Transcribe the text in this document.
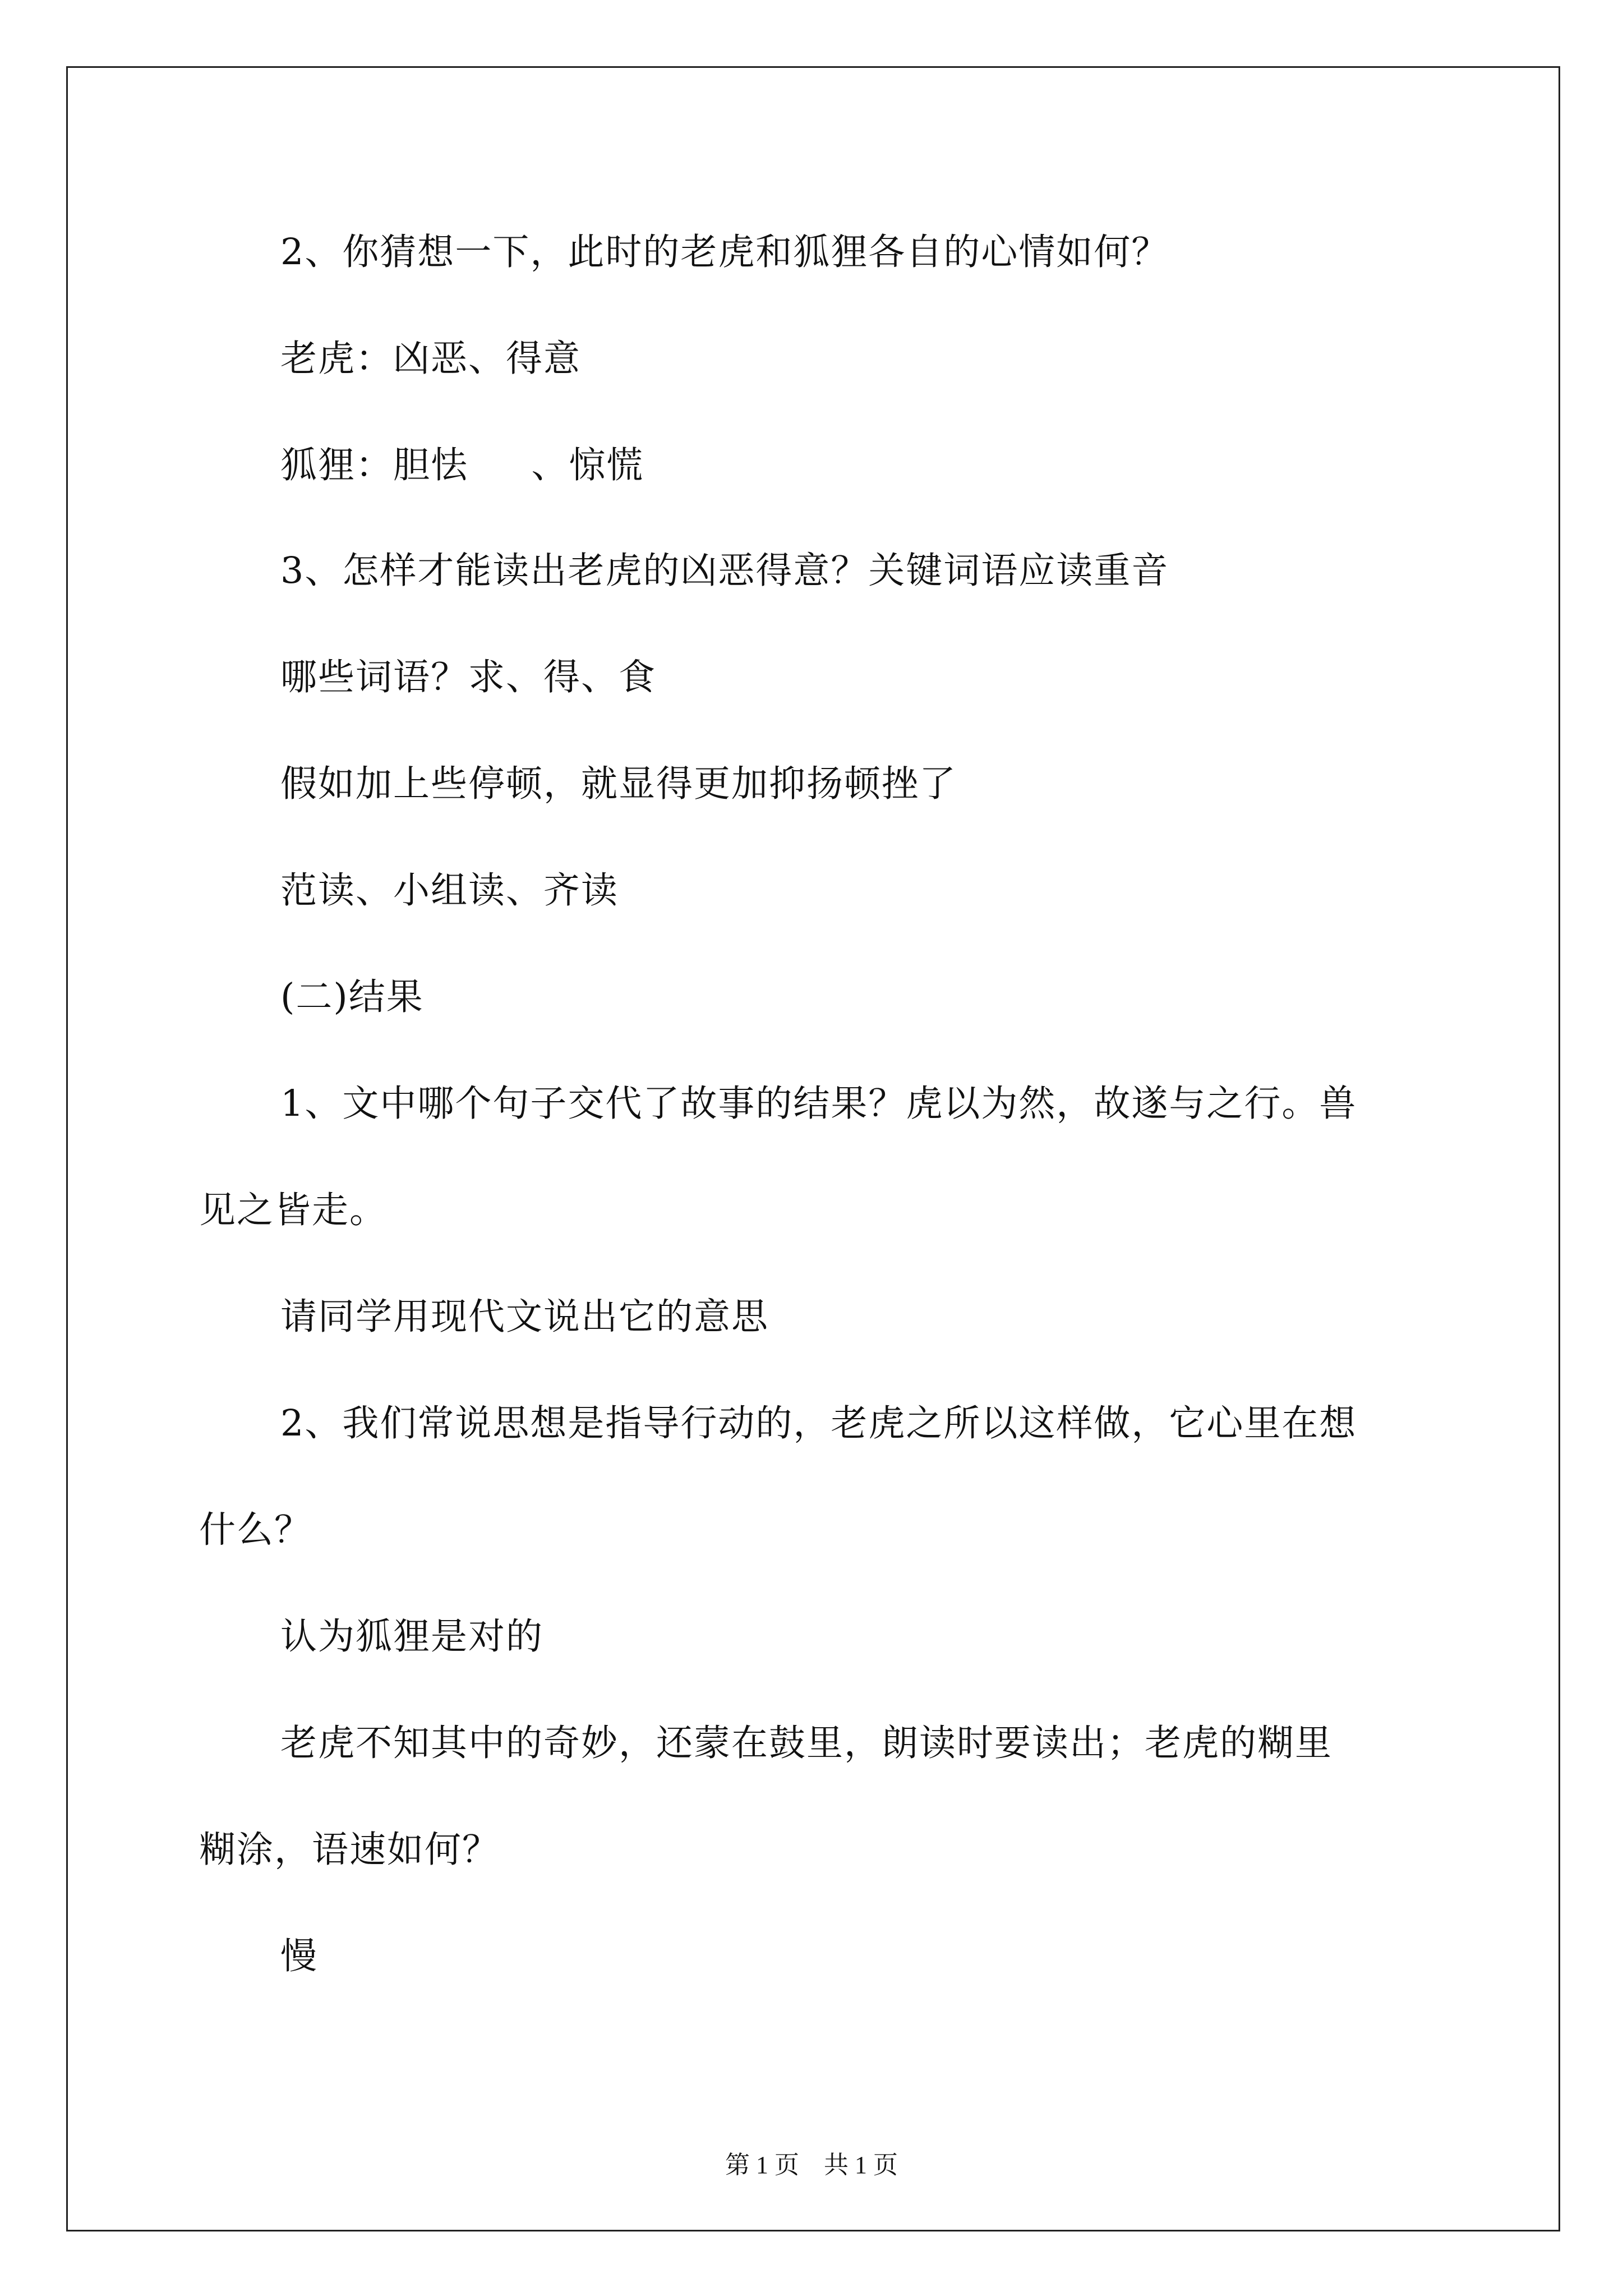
2、你猜想一下，此时的老虎和狐狸各自的心情如何？
老虎：凶恶、得意
狐狸：胆怯 　 、惊慌
3、怎样才能读出老虎的凶恶得意？关键词语应读重音
哪些词语？求、得、食
假如加上些停顿，就显得更加抑扬顿挫了
范读、小组读、齐读
(二)结果
1、文中哪个句子交代了故事的结果？虎以为然，故遂与之行。兽
见之皆走。
请同学用现代文说出它的意思
2、我们常说思想是指导行动的，老虎之所以这样做，它心里在想
什么？
认为狐狸是对的
老虎不知其中的奇妙，还蒙在鼓里，朗读时要读出；老虎的糊里
糊涂，语速如何？
慢
第 1 页　共 1 页
